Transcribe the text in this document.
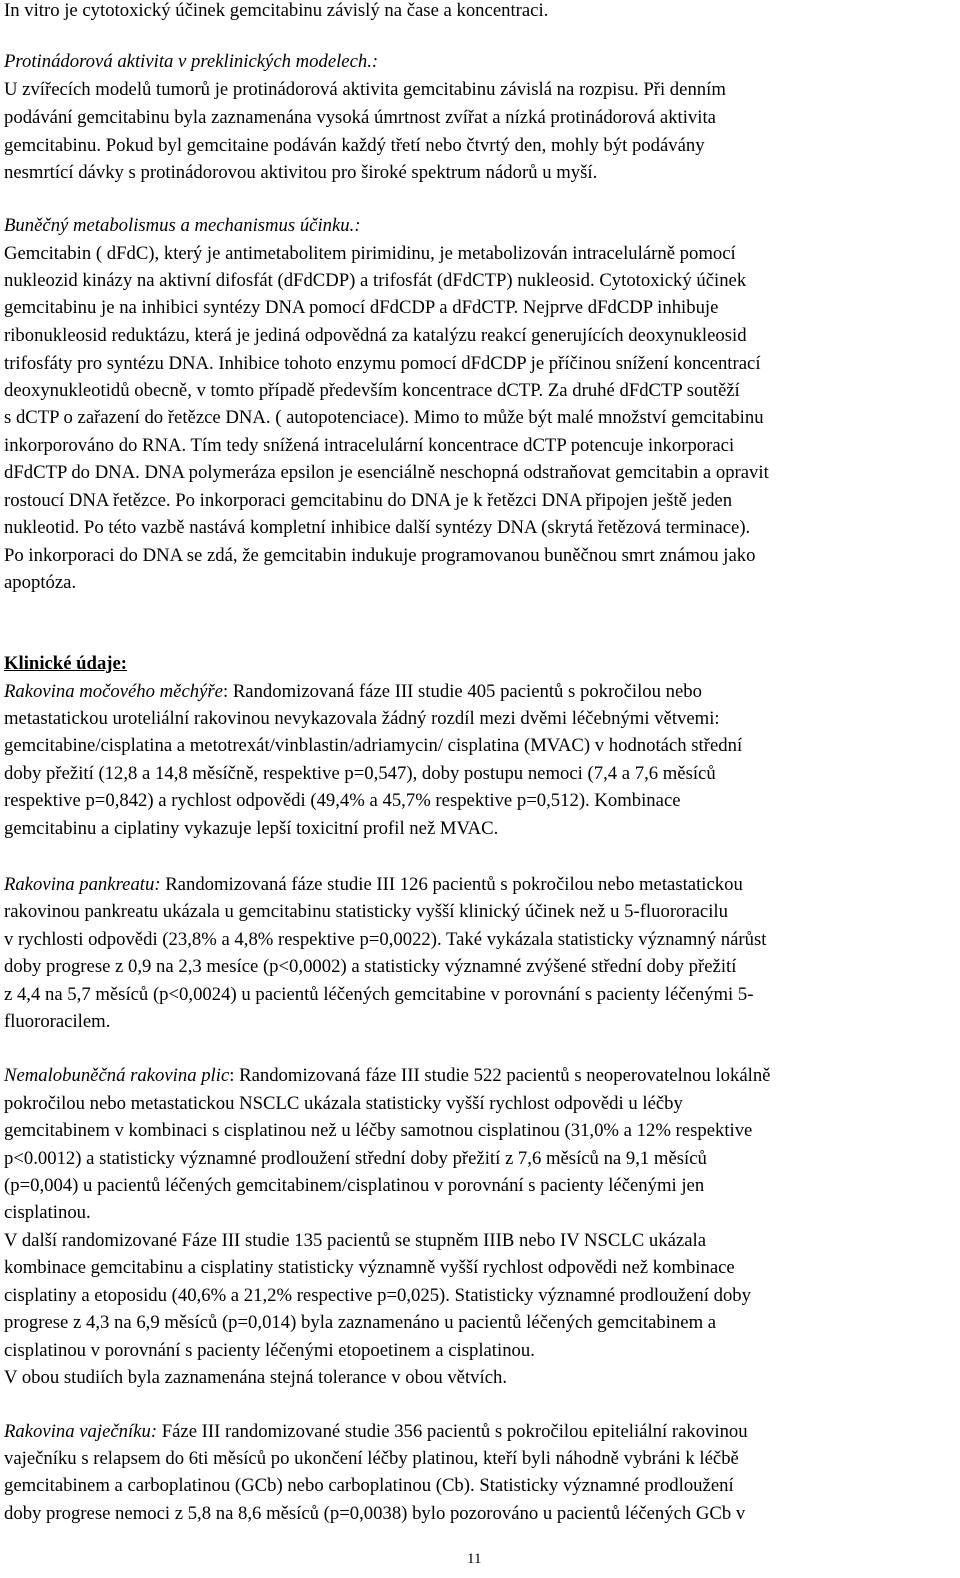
In vitro je cytotoxický účinek gemcitabinu závislý na čase a koncentraci.
Protinádorová aktivita v preklinických modelech.:
U zvířecích modelů tumorů je protinádorová aktivita gemcitabinu závislá na rozpisu. Při denním
podávání gemcitabinu byla zaznamenána vysoká úmrtnost zvířat a nízká protinádorová aktivita
gemcitabinu. Pokud byl gemcitaine podáván každý třetí nebo čtvrtý den, mohly být podávány
nesmrtící dávky s protinádorovou aktivitou pro široké spektrum nádorů u myší.
Buněčný metabolismus a mechanismus účinku.:
Gemcitabin ( dFdC), který je antimetabolitem pirimidinu, je metabolizován intracelulárně pomocí
nukleozid kinázy na aktivní difosfát (dFdCDP) a trifosfát (dFdCTP) nukleosid. Cytotoxický účinek
gemcitabinu je na inhibici syntézy DNA pomocí dFdCDP a dFdCTP. Nejprve dFdCDP inhibuje
ribonukleosid reduktázu, která je jediná odpovědná za katalýzu reakcí generujících deoxynukleosid
trifosfáty pro syntézu DNA. Inhibice tohoto enzymu pomocí dFdCDP je příčinou snížení koncentrací
deoxynukleotidů obecně, v tomto případě především koncentrace dCTP. Za druhé dFdCTP soutěží
s dCTP o zařazení do řetězce DNA. ( autopotenciace). Mimo to může být malé množství gemcitabinu
inkorporováno do RNA. Tím tedy snížená intracelulární koncentrace dCTP potencuje inkorporaci
dFdCTP do DNA. DNA polymeráza epsilon je esenciálně neschopná odstraňovat gemcitabin a opravit
rostoucí DNA řetězce. Po inkorporaci gemcitabinu do DNA je k řetězci DNA připojen ještě jeden
nukleotid. Po této vazbě nastává kompletní inhibice další syntézy DNA (skrytá řetězová terminace).
Po inkorporaci do DNA se zdá, že gemcitabin indukuje programovanou buněčnou smrt známou jako
apoptóza.
Klinické údaje:
Rakovina močového měchýře: Randomizovaná fáze III studie 405 pacientů s pokročilou nebo
metastatickou uroteliální rakovinou nevykazovala žádný rozdíl mezi dvěmi léčebnými větvemi:
gemcitabine/cisplatina a metotrexát/vinblastin/adriamycin/ cisplatina (MVAC) v hodnotách střední
doby přežití (12,8 a 14,8 měsíčně, respektive p=0,547), doby postupu nemoci (7,4 a 7,6 měsíců
respektive p=0,842) a rychlost odpovědi (49,4% a 45,7% respektive p=0,512). Kombinace
gemcitabinu a ciplatiny vykazuje lepší toxicitní profil než MVAC.
Rakovina pankreatu: Randomizovaná fáze studie III 126 pacientů s pokročilou nebo metastatickou
rakovinou pankreatu ukázala u gemcitabinu statisticky vyšší klinický účinek než u 5-fluororacilu
v rychlosti odpovědi (23,8% a 4,8% respektive p=0,0022). Také vykázala statisticky významný nárůst
doby progrese z 0,9 na 2,3 mesíce (p<0,0002) a statisticky významné zvýšené střední doby přežití
z 4,4 na 5,7 měsíců (p<0,0024) u pacientů léčených gemcitabine v porovnání s pacienty léčenými 5-
fluororacilem.
Nemalobuněčná rakovina plic: Randomizovaná fáze III studie 522 pacientů s neoperovatelnou lokálně
pokročilou nebo metastatickou NSCLC ukázala statisticky vyšší rychlost odpovědi u léčby
gemcitabinem v kombinaci s cisplatinou než u léčby samotnou cisplatinou (31,0% a 12% respektive
p<0.0012) a statisticky významné prodloužení střední doby přežití z 7,6 měsíců na 9,1 měsíců
(p=0,004) u pacientů léčených gemcitabinem/cisplatinou v porovnání s pacienty léčenými jen
cisplatinou.
V další randomizované Fáze III studie 135 pacientů se stupněm IIIB nebo IV NSCLC ukázala
kombinace gemcitabinu a cisplatiny statisticky významně vyšší rychlost odpovědi než kombinace
cisplatiny a etoposidu (40,6% a 21,2% respective p=0,025). Statisticky významné prodloužení doby
progrese z 4,3 na 6,9 měsíců (p=0,014) byla zaznamenáno u pacientů léčených gemcitabinem a
cisplatinou v porovnání s pacienty léčenými etopoetinem a cisplatinou.
V obou studiích byla zaznamenána stejná tolerance v obou větvích.
Rakovina vaječníku: Fáze III randomizované studie 356 pacientů s pokročilou epiteliální rakovinou
vaječníku s relapsem do 6ti měsíců po ukončení léčby platinou, kteří byli náhodně vybráni k léčbě
gemcitabinem a carboplatinou (GCb) nebo carboplatinou (Cb). Statisticky významné prodloužení
doby progrese nemoci z 5,8 na 8,6 měsíců (p=0,0038) bylo pozorováno u pacientů léčených GCb v
11
